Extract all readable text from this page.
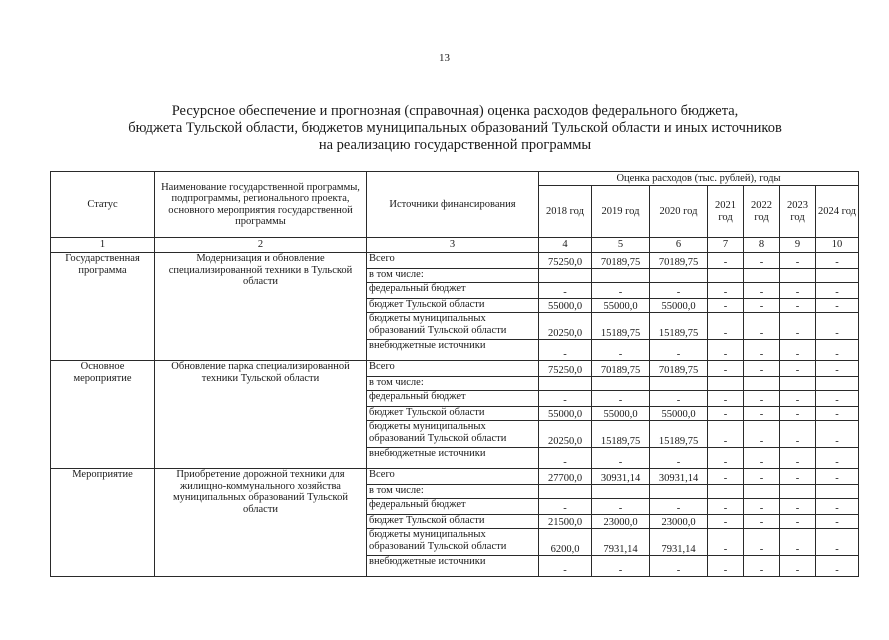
13
Ресурсное обеспечение и прогнозная (справочная) оценка расходов федерального бюджета,
бюджета Тульской области, бюджетов муниципальных образований Тульской области и иных источников
на реализацию государственной программы
Статус	Наименование государственной программы, подпрограммы, регионального проекта, основного мероприятия государственной программы	Источники финансирования	Оценка расходов (тыс. рублей), годы						
			2018 год	2019 год	2020 год	2021 год	2022 год	2023 год	2024 год
1	2	3	4	5	6	7	8	9	10
Государственная программа	Модернизация и обновление специализированной техники в Тульской области	Всего	75250,0	70189,75	70189,75	-	-	-	-
		в том числе:							
		федеральный бюджет	-	-	-	-	-	-	-
		бюджет Тульской области	55000,0	55000,0	55000,0	-	-	-	-
		бюджеты муниципальных образований Тульской области	20250,0	15189,75	15189,75	-	-	-	-
		внебюджетные источники	-	-	-	-	-	-	-
Основное мероприятие	Обновление парка специализированной техники Тульской области	Всего	75250,0	70189,75	70189,75	-	-	-	-
		в том числе:							
		федеральный бюджет	-	-	-	-	-	-	-
		бюджет Тульской области	55000,0	55000,0	55000,0	-	-	-	-
		бюджеты муниципальных образований Тульской области	20250,0	15189,75	15189,75	-	-	-	-
		внебюджетные источники	-	-	-	-	-	-	-
Мероприятие	Приобретение дорожной техники для жилищно-коммунального хозяйства муниципальных образований Тульской области	Всего	27700,0	30931,14	30931,14	-	-	-	-
		в том числе:							
		федеральный бюджет	-	-	-	-	-	-	-
		бюджет Тульской области	21500,0	23000,0	23000,0	-	-	-	-
		бюджеты муниципальных образований Тульской области	6200,0	7931,14	7931,14	-	-	-	-
		внебюджетные источники	-	-	-	-	-	-	-
